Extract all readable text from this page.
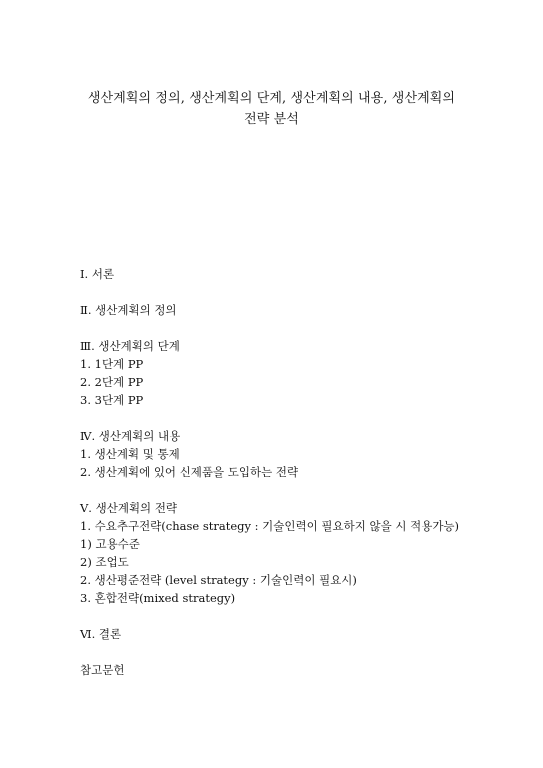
생산계획의 정의, 생산계획의 단계, 생산계획의 내용, 생산계획의
전략 분석
Ⅰ. 서론
Ⅱ. 생산계획의 정의
Ⅲ. 생산계획의 단계
1. 1단계 PP
2. 2단계 PP
3. 3단계 PP
Ⅳ. 생산계획의 내용
1. 생산계획 및 통제
2. 생산계획에 있어 신제품을 도입하는 전략
Ⅴ. 생산계획의 전략
1. 수요추구전략(chase strategy : 기술인력이 필요하지 않을 시 적용가능)
1) 고용수준
2) 조업도
2. 생산평준전략 (level strategy : 기술인력이 필요시)
3. 혼합전략(mixed strategy)
Ⅵ. 결론
참고문헌
